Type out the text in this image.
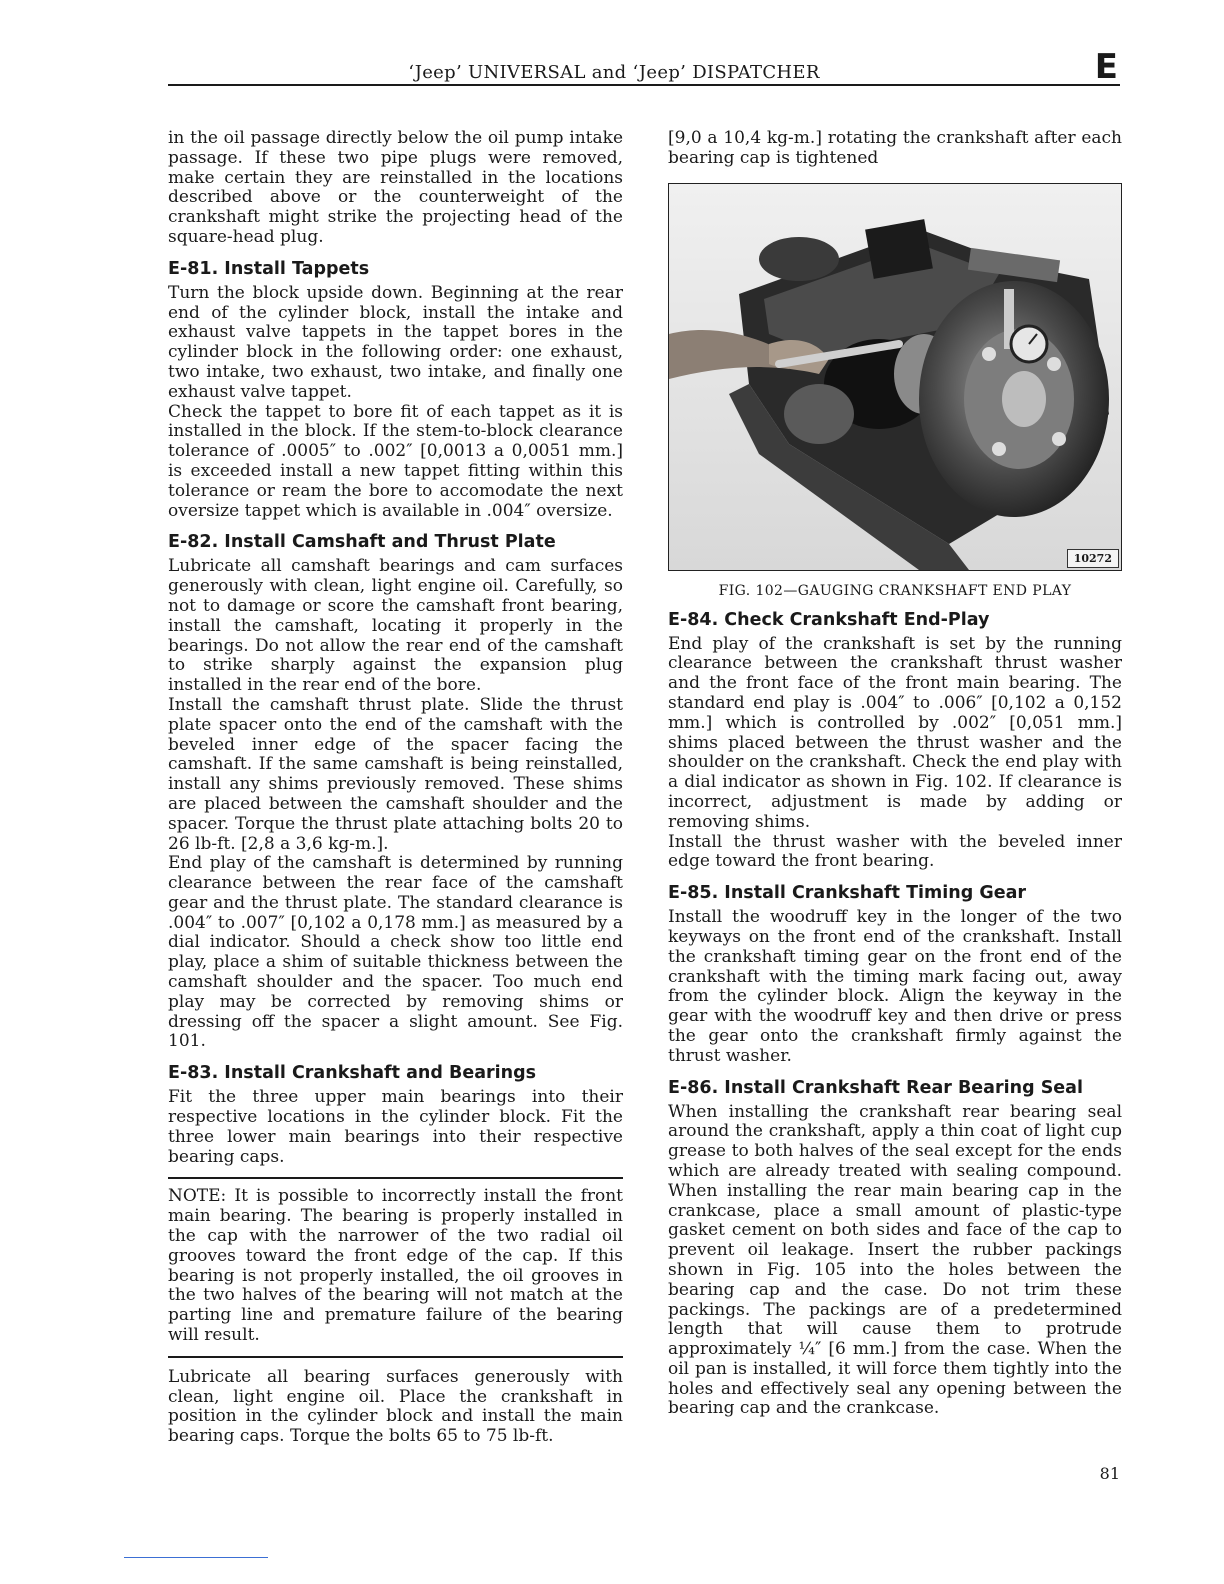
‘Jeep’ UNIVERSAL and ‘Jeep’ DISPATCHER	E

in the oil passage directly below the oil pump intake passage. If these two pipe plugs were removed, make certain they are reinstalled in the locations described above or the counterweight of the crankshaft might strike the projecting head of the square-head plug.

E-81. Install Tappets

Turn the block upside down. Beginning at the rear end of the cylinder block, install the intake and exhaust valve tappets in the tappet bores in the cylinder block in the following order: one exhaust, two intake, two exhaust, two intake, and finally one exhaust valve tappet.

Check the tappet to bore fit of each tappet as it is installed in the block. If the stem-to-block clearance tolerance of .0005″ to .002″ [0,0013 a 0,0051 mm.] is exceeded install a new tappet fitting within this tolerance or ream the bore to accomodate the next oversize tappet which is available in .004″ oversize.

E-82. Install Camshaft and Thrust Plate

Lubricate all camshaft bearings and cam surfaces generously with clean, light engine oil. Carefully, so not to damage or score the camshaft front bearing, install the camshaft, locating it properly in the bearings. Do not allow the rear end of the camshaft to strike sharply against the expansion plug installed in the rear end of the bore.

Install the camshaft thrust plate. Slide the thrust plate spacer onto the end of the camshaft with the beveled inner edge of the spacer facing the camshaft. If the same camshaft is being reinstalled, install any shims previously removed. These shims are placed between the camshaft shoulder and the spacer. Torque the thrust plate attaching bolts 20 to 26 lb-ft. [2,8 a 3,6 kg-m.].

End play of the camshaft is determined by running clearance between the rear face of the camshaft gear and the thrust plate. The standard clearance is .004″ to .007″ [0,102 a 0,178 mm.] as measured by a dial indicator. Should a check show too little end play, place a shim of suitable thickness between the camshaft shoulder and the spacer. Too much end play may be corrected by removing shims or dressing off the spacer a slight amount. See Fig. 101.

E-83. Install Crankshaft and Bearings

Fit the three upper main bearings into their respective locations in the cylinder block. Fit the three lower main bearings into their respective bearing caps.

NOTE: It is possible to incorrectly install the front main bearing. The bearing is properly installed in the cap with the narrower of the two radial oil grooves toward the front edge of the cap. If this bearing is not properly installed, the oil grooves in the two halves of the bearing will not match at the parting line and premature failure of the bearing will result.

Lubricate all bearing surfaces generously with clean, light engine oil. Place the crankshaft in position in the cylinder block and install the main bearing caps. Torque the bolts 65 to 75 lb-ft.

[9,0 a 10,4 kg-m.] rotating the crankshaft after each bearing cap is tightened

10272
FIG. 102—GAUGING CRANKSHAFT END PLAY
E-84. Check Crankshaft End-Play

End play of the crankshaft is set by the running clearance between the crankshaft thrust washer and the front face of the front main bearing. The standard end play is .004″ to .006″ [0,102 a 0,152 mm.] which is controlled by .002″ [0,051 mm.] shims placed between the thrust washer and the shoulder on the crankshaft. Check the end play with a dial indicator as shown in Fig. 102. If clearance is incorrect, adjustment is made by adding or removing shims.

Install the thrust washer with the beveled inner edge toward the front bearing.

E-85. Install Crankshaft Timing Gear

Install the woodruff key in the longer of the two keyways on the front end of the crankshaft. Install the crankshaft timing gear on the front end of the crankshaft with the timing mark facing out, away from the cylinder block. Align the keyway in the gear with the woodruff key and then drive or press the gear onto the crankshaft firmly against the thrust washer.

E-86. Install Crankshaft Rear Bearing Seal

When installing the crankshaft rear bearing seal around the crankshaft, apply a thin coat of light cup grease to both halves of the seal except for the ends which are already treated with sealing compound. When installing the rear main bearing cap in the crankcase, place a small amount of plastic-type gasket cement on both sides and face of the cap to prevent oil leakage. Insert the rubber packings shown in Fig. 105 into the holes between the bearing cap and the case. Do not trim these packings. The packings are of a predetermined length that will cause them to protrude approximately ¼″ [6 mm.] from the case. When the oil pan is installed, it will force them tightly into the holes and effectively seal any opening between the bearing cap and the crankcase.

81
